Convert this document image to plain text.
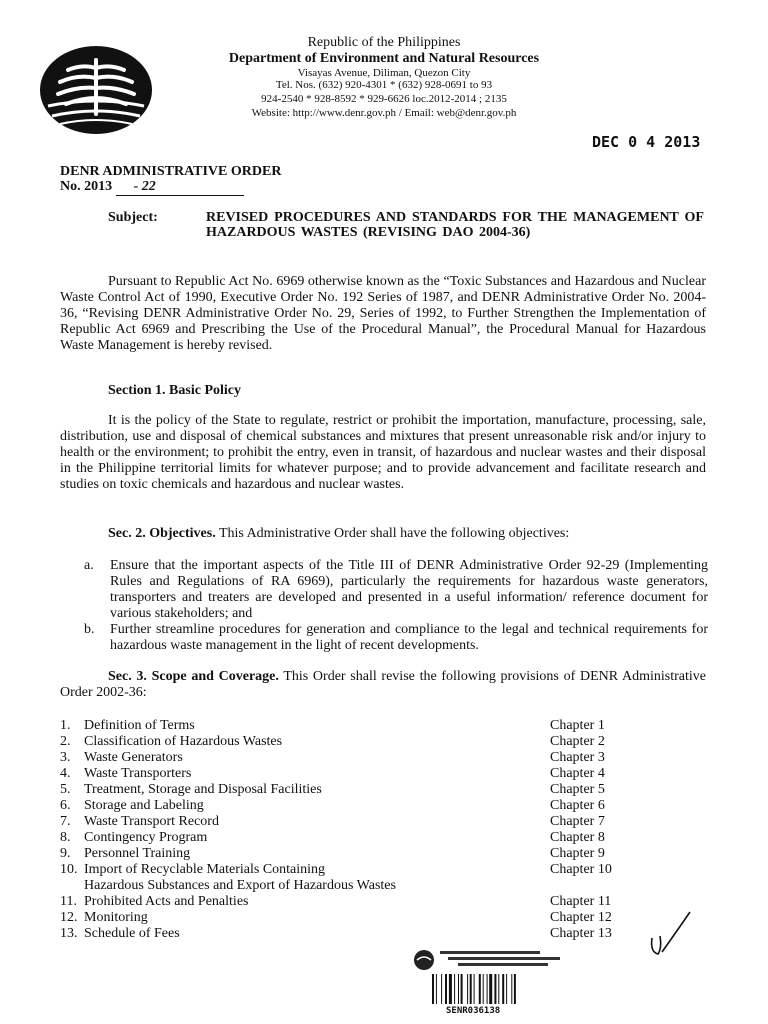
Republic of the Philippines
Department of Environment and Natural Resources
Visayas Avenue, Diliman, Quezon City
Tel. Nos. (632) 920-4301 * (632) 928-0691 to 93
924-2540 * 928-8592 * 929-6626 loc.2012-2014 ; 2135
Website: http://www.denr.gov.ph / Email: web@denr.gov.ph
DEC 0 4 2013
DENR ADMINISTRATIVE ORDER
No. 2013 - 22
Subject:	REVISED PROCEDURES AND STANDARDS FOR THE MANAGEMENT OF HAZARDOUS WASTES (REVISING DAO 2004-36)
Pursuant to Republic Act No. 6969 otherwise known as the “Toxic Substances and Hazardous and Nuclear Waste Control Act of 1990, Executive Order No. 192 Series of 1987, and DENR Administrative Order No. 2004-36, “Revising DENR Administrative Order No. 29, Series of 1992, to Further Strengthen the Implementation of Republic Act 6969 and Prescribing the Use of the Procedural Manual”, the Procedural Manual for Hazardous Waste Management is hereby revised.
Section 1. Basic Policy
It is the policy of the State to regulate, restrict or prohibit the importation, manufacture, processing, sale, distribution, use and disposal of chemical substances and mixtures that present unreasonable risk and/or injury to health or the environment; to prohibit the entry, even in transit, of hazardous and nuclear wastes and their disposal in the Philippine territorial limits for whatever purpose; and to provide advancement and facilitate research and studies on toxic chemicals and hazardous and nuclear wastes.
Sec. 2. Objectives. This Administrative Order shall have the following objectives:
a. Ensure that the important aspects of the Title III of DENR Administrative Order 92-29 (Implementing Rules and Regulations of RA 6969), particularly the requirements for hazardous waste generators, transporters and treaters are developed and presented in a useful information/ reference document for various stakeholders; and
b. Further streamline procedures for generation and compliance to the legal and technical requirements for hazardous waste management in the light of recent developments.
Sec. 3. Scope and Coverage. This Order shall revise the following provisions of DENR Administrative Order 2002-36:
1. Definition of Terms	Chapter 1
2. Classification of Hazardous Wastes	Chapter 2
3. Waste Generators	Chapter 3
4. Waste Transporters	Chapter 4
5. Treatment, Storage and Disposal Facilities	Chapter 5
6. Storage and Labeling	Chapter 6
7. Waste Transport Record	Chapter 7
8. Contingency Program	Chapter 8
9. Personnel Training	Chapter 9
10. Import of Recyclable Materials Containing	Chapter 10
Hazardous Substances and Export of Hazardous Wastes
11. Prohibited Acts and Penalties	Chapter 11
12. Monitoring	Chapter 12
13. Schedule of Fees	Chapter 13
SENR036138
